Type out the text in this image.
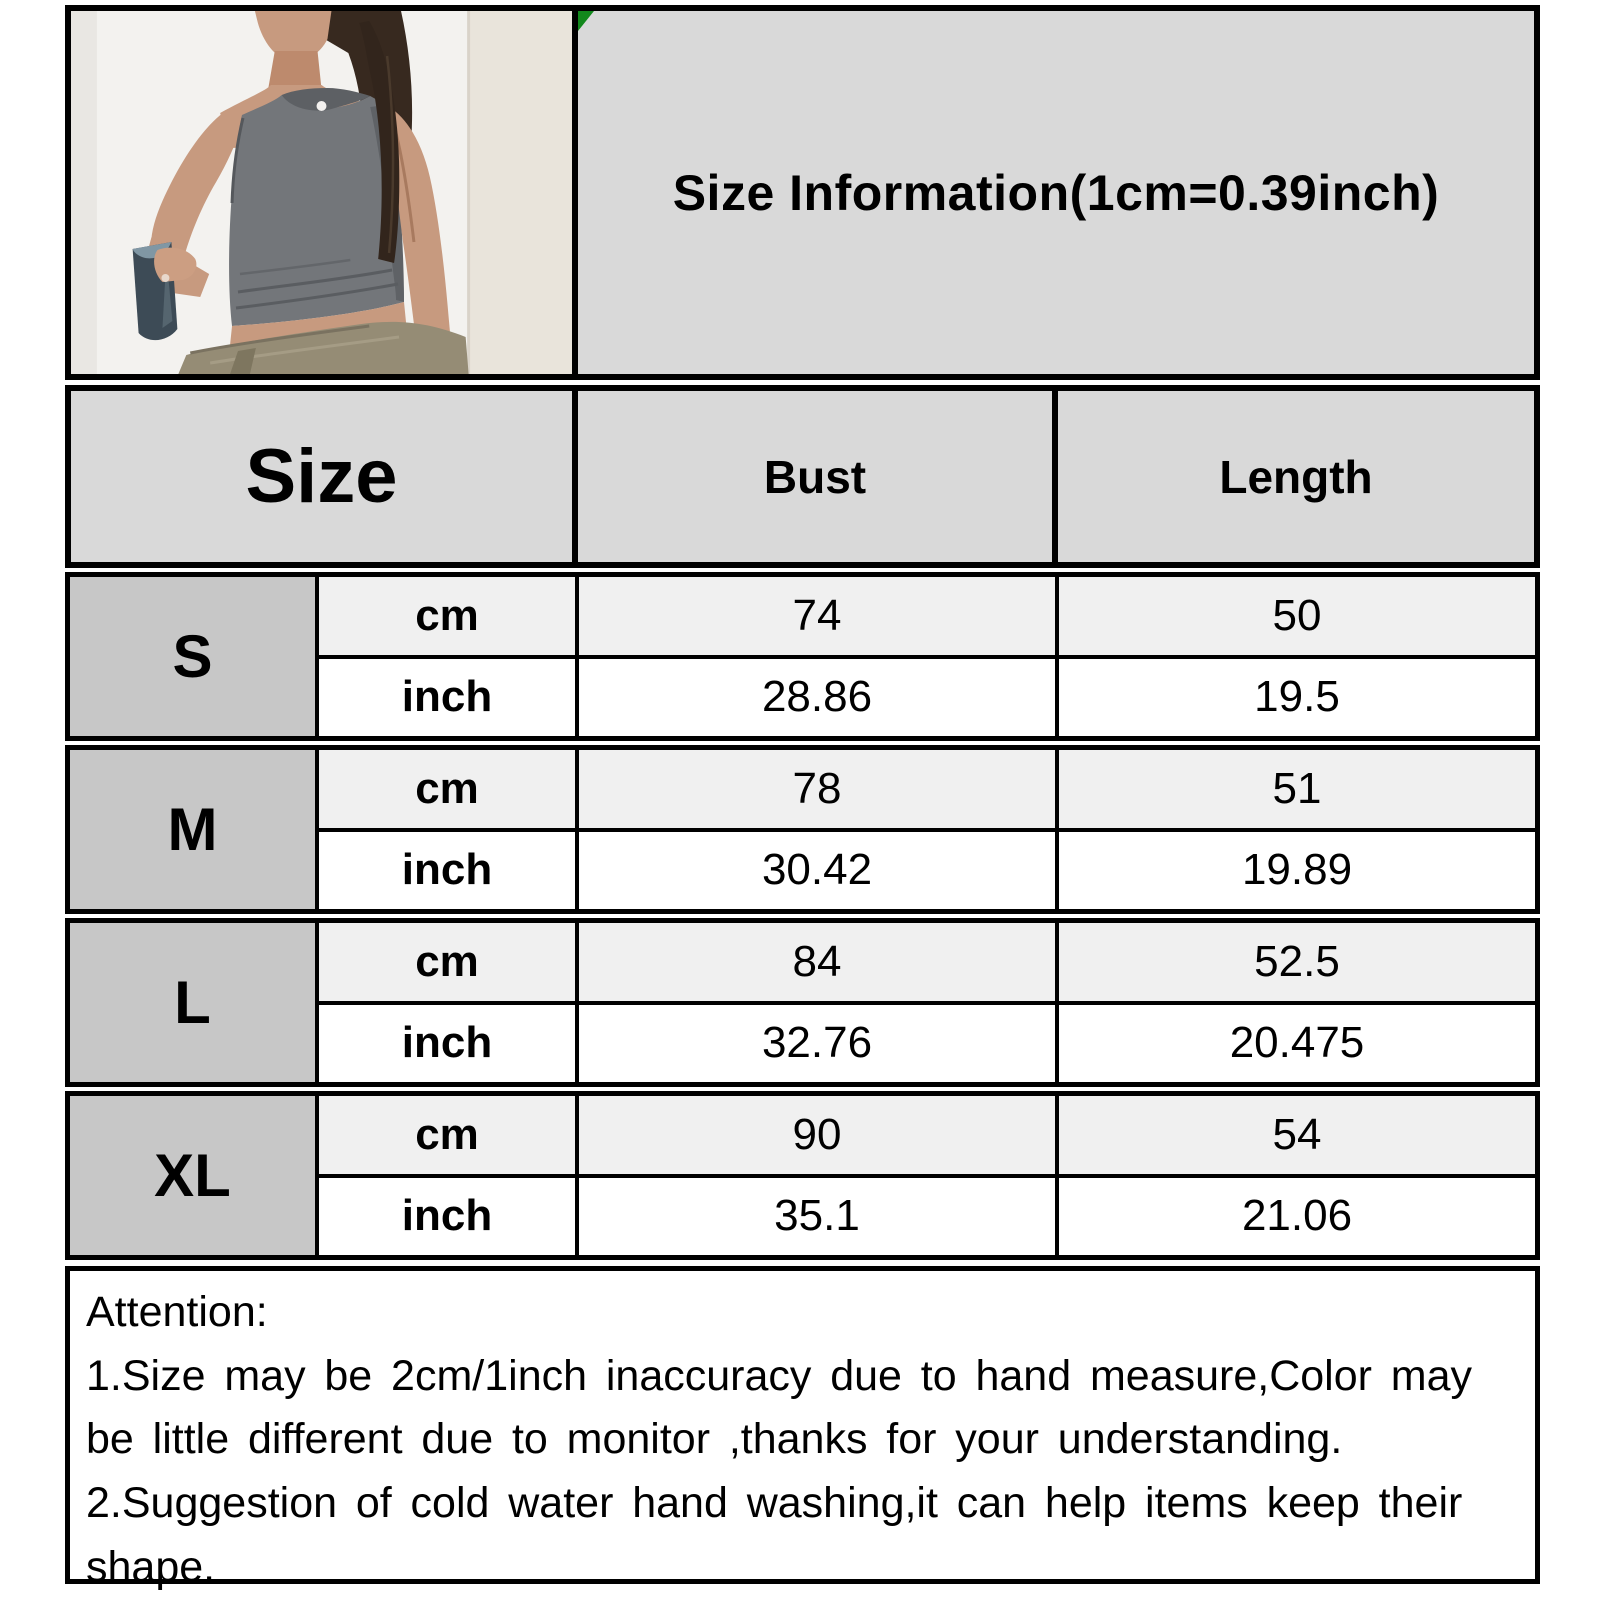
Size Information(1cm=0.39inch)
Size	Bust	Length
S
cm	74	50
inch	28.86	19.5
M
cm	78	51
inch	30.42	19.89
L
cm	84	52.5
inch	32.76	20.475
XL
cm	90	54
inch	35.1	21.06
Attention:
1.Size may be 2cm/1inch inaccuracy due to hand measure,Color may be little different due to monitor ,thanks for your understanding.
2.Suggestion of cold water hand washing,it can help items keep their shape.
